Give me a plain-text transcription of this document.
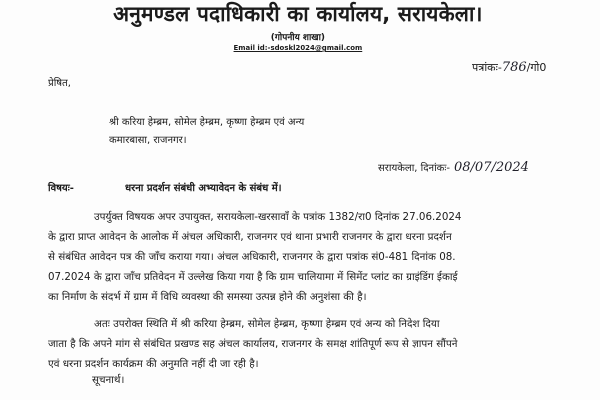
अनुमण्डल पदाधिकारी का कार्यालय, सरायकेला।
(गोपनीय शाखा)
Email id:-sdoskl2024@gmail.com
पत्रांकः-786/गो0
प्रेषित,
श्री करिया हेम्ब्रम, सोमेल हेम्ब्रम, कृष्णा हेम्ब्रम एवं अन्य
कमारबासा, राजनगर।
सरायकेला, दिनांकः- 08/07/2024
विषयः-	धरना प्रदर्शन संबंधी अभ्यावेदन के संबंध में।
उपर्युक्त विषयक अपर उपायुक्त, सरायकेला-खरसावाँ के पत्रांक 1382/रा0 दिनांक 27.06.2024
के द्वारा प्राप्त आवेदन के आलोक में अंचल अधिकारी, राजनगर एवं थाना प्रभारी राजनगर के द्वारा धरना प्रदर्शन
से संबंधित आवेदन पत्र की जाँच कराया गया। अंचल अधिकारी, राजनगर के द्वारा पत्रांक सं0-481 दिनांक 08.
07.2024 के द्वारा जाँच प्रतिवेदन में उल्लेख किया गया है कि ग्राम चालियामा में सिमेंट प्लांट का ग्राइंडिंग ईकाई
का निर्माण के संदर्भ में ग्राम में विधि व्यवस्था की समस्या उत्पन्न होने की अनुशंसा की है।
अतः उपरोक्त स्थिति में श्री करिया हेम्ब्रम, सोमेल हेम्ब्रम, कृष्णा हेम्ब्रम एवं अन्य को निदेश दिया
जाता है कि अपने मांग से संबंधित प्रखण्ड सह अंचल कार्यालय, राजनगर के समक्ष शांतिपूर्ण रूप से ज्ञापन सौंपने
एवं धरना प्रदर्शन कार्यक्रम की अनुमति नहीं दी जा रही है।
सूचनार्थ।
